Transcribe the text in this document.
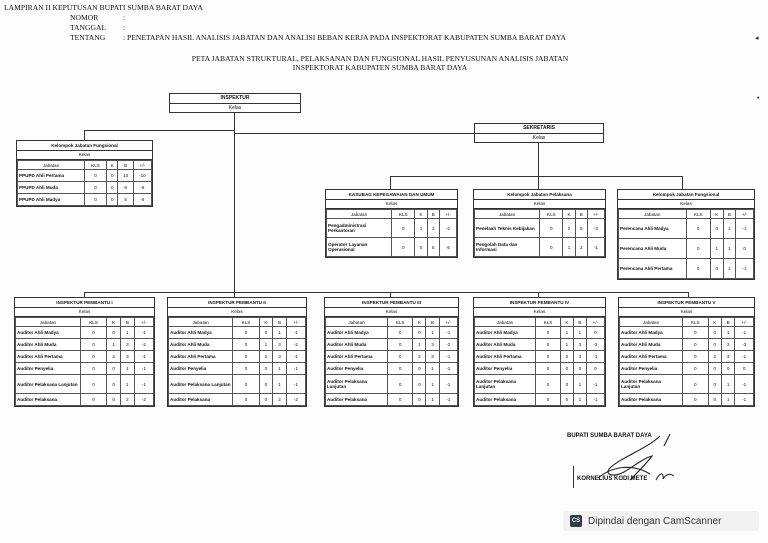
LAMPIRAN II KEPUTUSAN BUPATI SUMBA BARAT DAYA
NOMOR	:
TANGGAL :
TENTANG : PENETAPAN HASIL ANALISIS JABATAN DAN ANALISI BEBAN KERJA PADA INSPEKTORAT KABUPATEN SUMBA BARAT DAYA
PETA JABATAN STRUKTURAL, PELAKSANAN DAN FUNGSIONAL HASIL PENYUSUNAN ANALISIS JABATAN
INSPEKTORAT KABUPATEN SUMBA BARAT DAYA
◂
•
INSPEKTUR
Kelas
SEKRETARIS
Kelas
Kelompok Jabatan Fungsional
Kelas
Jabatan	KLS	K	B	+/-
PPUPD Ahli Pertama	0	0	10	-10
PPUPD Ahli Muda	0	0	8	-8
PPUPD Ahli Madya	0	0	5	-5
KASUBAG KEPEGAWAIAN DAN UMUM
Kelas
Jabatan	KLS	K	B	+/-
Pengadministrasi Perkantoran	0	1	3	-2
Operator Layanan Operasional	0	0	5	-5
Kelompok Jabatan Pelaksana
Kelas
Jabatan	KLS	K	B	+/-
Penelaah Teknis Kebijakan	0	2	5	-3
Pengolah Data dan Informasi	0	1	2	-1
Kelompok Jabatan Fungsional
Kelas
Jabatan	KLS	K	B	+/-
Perencana Ahli Madya	0	0	1	-1
Perencana Ahli Muda	0	1	1	0
Perencana Ahli Pertama	0	0	1	-1
INSPEKTUR PEMBANTU I
Kelas
Jabatan	KLS	K	B	+/-
Auditor Ahli Madya	0	0	1	-1
Auditor Ahli Muda	0	1	3	-2
Auditor Ahli Pertama	0	2	3	-1
Auditor Penyelia	0	0	1	-1
Auditor Pelaksana Lanjutan	0	0	1	-1
Auditor Pelaksana	0	0	2	-2
INSPEKTUR PEMBANTU II
Kelas
Jabatan	KLS	K	B	+/-
Auditor Ahli Madya	0	0	1	-1
Auditor Ahli Muda	0	1	3	-2
Auditor Ahli Pertama	0	2	3	-1
Auditor Penyelia	0	0	1	-1
Auditor Pelaksana Lanjutan	0	0	1	-1
Auditor Pelaksana	0	0	2	-2
INSPEKTUR PEMBANTU III
Kelas
Jabatan	KLS	K	B	+/-
Auditor Ahli Madya	0	0	1	-1
Auditor Ahli Muda	0	1	3	-2
Auditor Ahli Pertama	0	2	3	-1
Auditor Penyelia	0	0	1	-1
Auditor Pelaksana Lanjutan	0	0	1	-1
Auditor Pelaksana	0	0	1	-1
INSPEKTUR PEMBANTU IV
Kelas
Jabatan	KLS	K	B	+/-
Auditor Ahli Madya	0	1	1	0
Auditor Ahli Muda	0	1	3	-2
Auditor Ahli Pertama	0	2	3	-1
Auditor Penyelia	0	0	0	0
Auditor Pelaksana Lanjutan	0	0	1	-1
Auditor Pelaksana	0	0	1	-1
INSPEKTUR PEMBANTU V
Kelas
Jabatan	KLS	K	B	+/-
Auditor Ahli Madya	0	0	1	-1
Auditor Ahli Muda	0	0	3	-3
Auditor Ahli Pertama	0	2	3	-1
Auditor Penyelia	0	0	0	0
Auditor Pelaksana Lanjutan	0	0	1	-1
Auditor Pelaksana	0	0	1	-1
BUPATI SUMBA BARAT DAYA
KORNELIUS KODI METE
CS Dipindai dengan CamScanner
